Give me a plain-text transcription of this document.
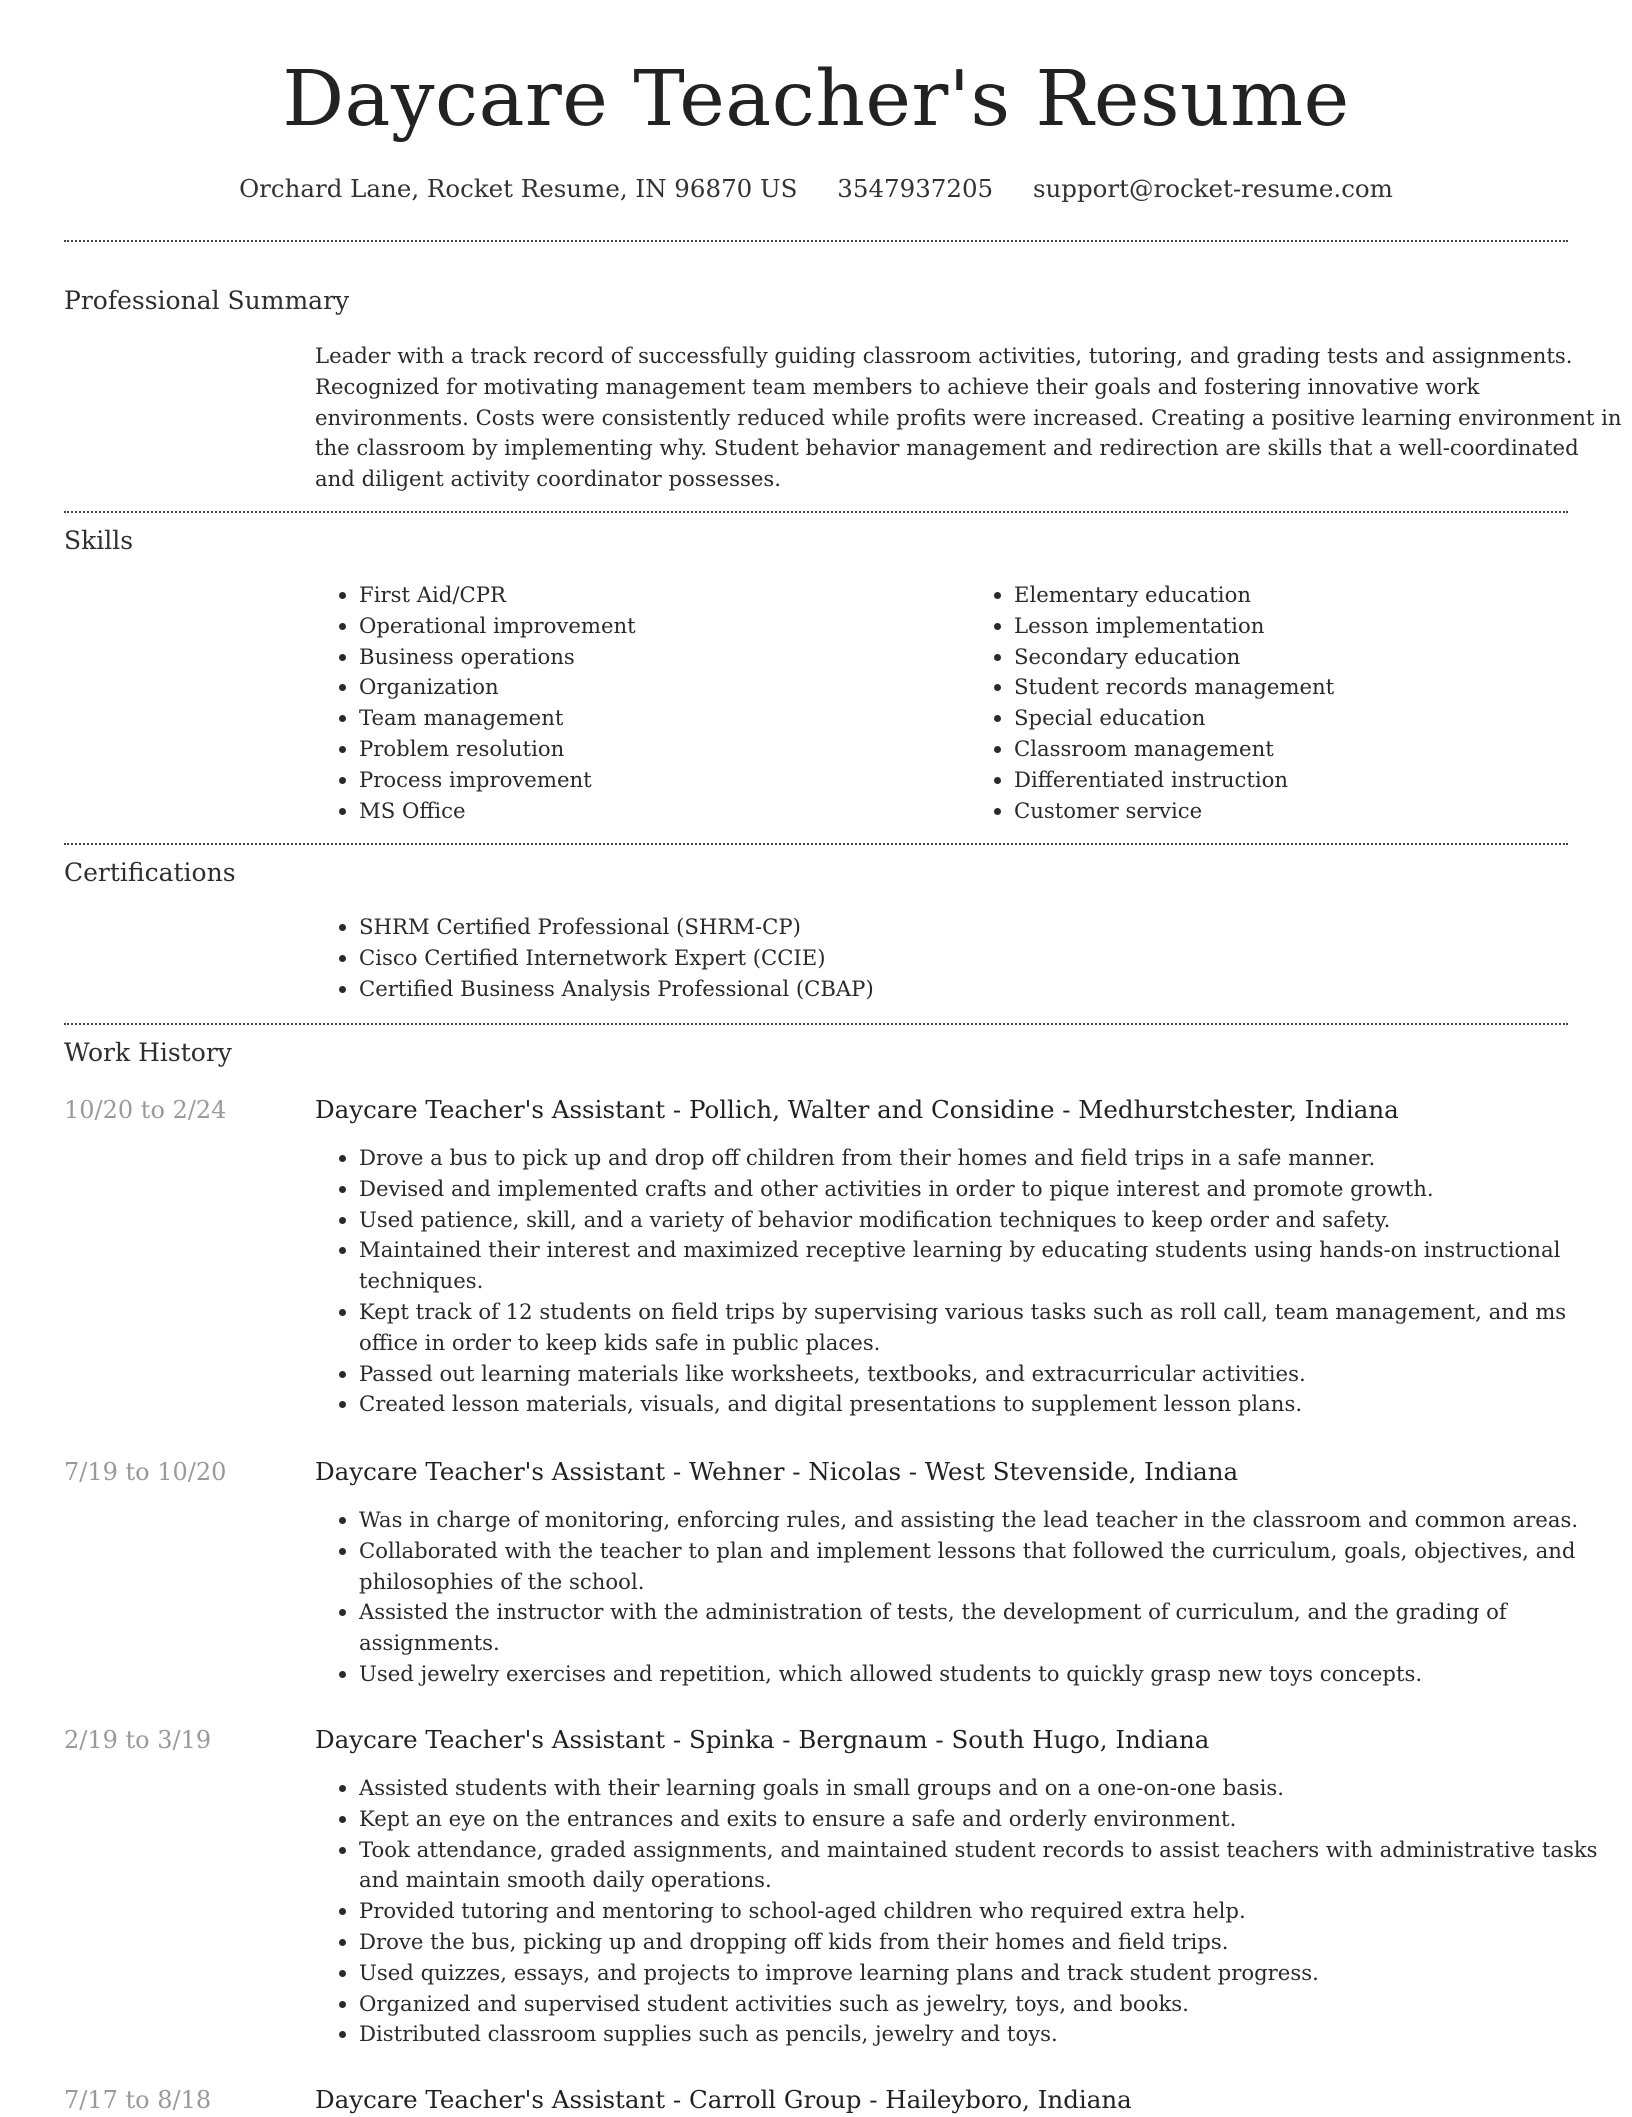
Daycare Teacher's Resume
Orchard Lane, Rocket Resume, IN 96870 US 3547937205 support@rocket-resume.com
Professional Summary

Leader with a track record of successfully guiding classroom activities, tutoring, and grading tests and assignments. Recognized for motivating management team members to achieve their goals and fostering innovative work environments. Costs were consistently reduced while profits were increased. Creating a positive learning environment in the classroom by implementing why. Student behavior management and redirection are skills that a well-coordinated and diligent activity coordinator possesses.

Skills
• First Aid/CPR
• Operational improvement
• Business operations
• Organization
• Team management
• Problem resolution
• Process improvement
• MS Office
• Elementary education
• Lesson implementation
• Secondary education
• Student records management
• Special education
• Classroom management
• Differentiated instruction
• Customer service
Certifications
• SHRM Certified Professional (SHRM-CP)
• Cisco Certified Internetwork Expert (CCIE)
• Certified Business Analysis Professional (CBAP)
Work History
10/20 to 2/24	Daycare Teacher's Assistant - Pollich, Walter and Considine - Medhurstchester, Indiana
• Drove a bus to pick up and drop off children from their homes and field trips in a safe manner.
• Devised and implemented crafts and other activities in order to pique interest and promote growth.
• Used patience, skill, and a variety of behavior modification techniques to keep order and safety.
• Maintained their interest and maximized receptive learning by educating students using hands-on instructional techniques.
• Kept track of 12 students on field trips by supervising various tasks such as roll call, team management, and ms office in order to keep kids safe in public places.
• Passed out learning materials like worksheets, textbooks, and extracurricular activities.
• Created lesson materials, visuals, and digital presentations to supplement lesson plans.
7/19 to 10/20	Daycare Teacher's Assistant - Wehner - Nicolas - West Stevenside, Indiana
• Was in charge of monitoring, enforcing rules, and assisting the lead teacher in the classroom and common areas.
• Collaborated with the teacher to plan and implement lessons that followed the curriculum, goals, objectives, and philosophies of the school.
• Assisted the instructor with the administration of tests, the development of curriculum, and the grading of assignments.
• Used jewelry exercises and repetition, which allowed students to quickly grasp new toys concepts.
2/19 to 3/19	Daycare Teacher's Assistant - Spinka - Bergnaum - South Hugo, Indiana
• Assisted students with their learning goals in small groups and on a one-on-one basis.
• Kept an eye on the entrances and exits to ensure a safe and orderly environment.
• Took attendance, graded assignments, and maintained student records to assist teachers with administrative tasks and maintain smooth daily operations.
• Provided tutoring and mentoring to school-aged children who required extra help.
• Drove the bus, picking up and dropping off kids from their homes and field trips.
• Used quizzes, essays, and projects to improve learning plans and track student progress.
• Organized and supervised student activities such as jewelry, toys, and books.
• Distributed classroom supplies such as pencils, jewelry and toys.
7/17 to 8/18	Daycare Teacher's Assistant - Carroll Group - Haileyboro, Indiana
